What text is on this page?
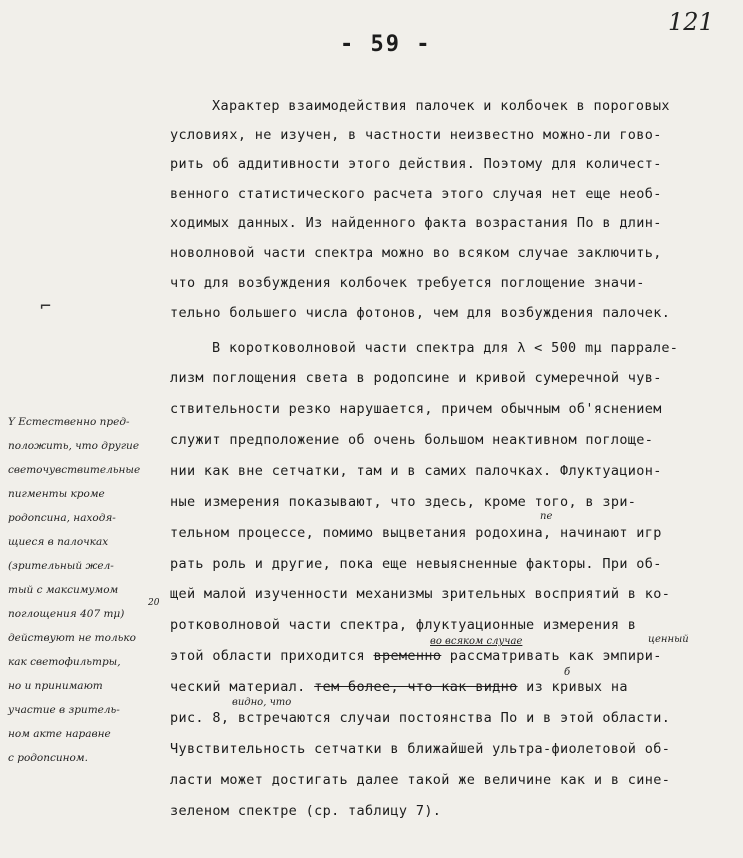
- 59 -
121
Характер взаимодействия палочек и колбочек в пороговых
условиях, не изучен, в частности неизвестно можно-ли гово-
рить об аддитивности этого действия. Поэтому для количест-
венного статистического расчета этого случая нет еще необ-
ходимых данных. Из найденного факта возрастания По в длин-
новолновой части спектра можно во всяком случае заключить,
что для возбуждения колбочек требуется поглощение значи-
тельно большего числа фотонов, чем для возбуждения палочек.
В коротковолновой части спектра для λ < 500 mμ парралe-
лизм поглощения света в родопсине и кривой сумеречной чув-
ствительности резко нарушается, причем обычным об'яснением
служит предположение об очень большом неактивном поглоще-
нии как вне сетчатки, там и в самих палочках. Флуктуацион-
ные измерения показывают, что здесь, кроме того, в зри-
тельном процессе, помимо выцветания родохина, начинают игр
рать роль и другие, пока еще невыясненные факторы. При об-
щей малой изученности механизмы зрительных восприятий в ко-
ротковолновой части спектра, флуктуационные измерения в
этой области приходится временно рассматривать как эмпири-
ческий материал. тем более, что как видно из кривых на
рис. 8, встречаются случаи постоянства По и в этой области.
Чувствительность сетчатки в ближайшей ультра-фиолетовой об-
ласти может достигать далее такой же величине как и в сине-
зеленом спектре (ср. таблицу 7).
ne
во всяком случае	ценный
видно, что
б
Y Естественно пред-
положить, что другие
светочувствительные
пигменты кроме
родопсина, находя-
щиеся в палочках
(зрительный жел-
тый с максимумом
поглощения 407 mμ)
20
действуют не только
как светофильтры,
но и принимают
участие в зритель-
ном акте наравне
с родопсином.
⌐
